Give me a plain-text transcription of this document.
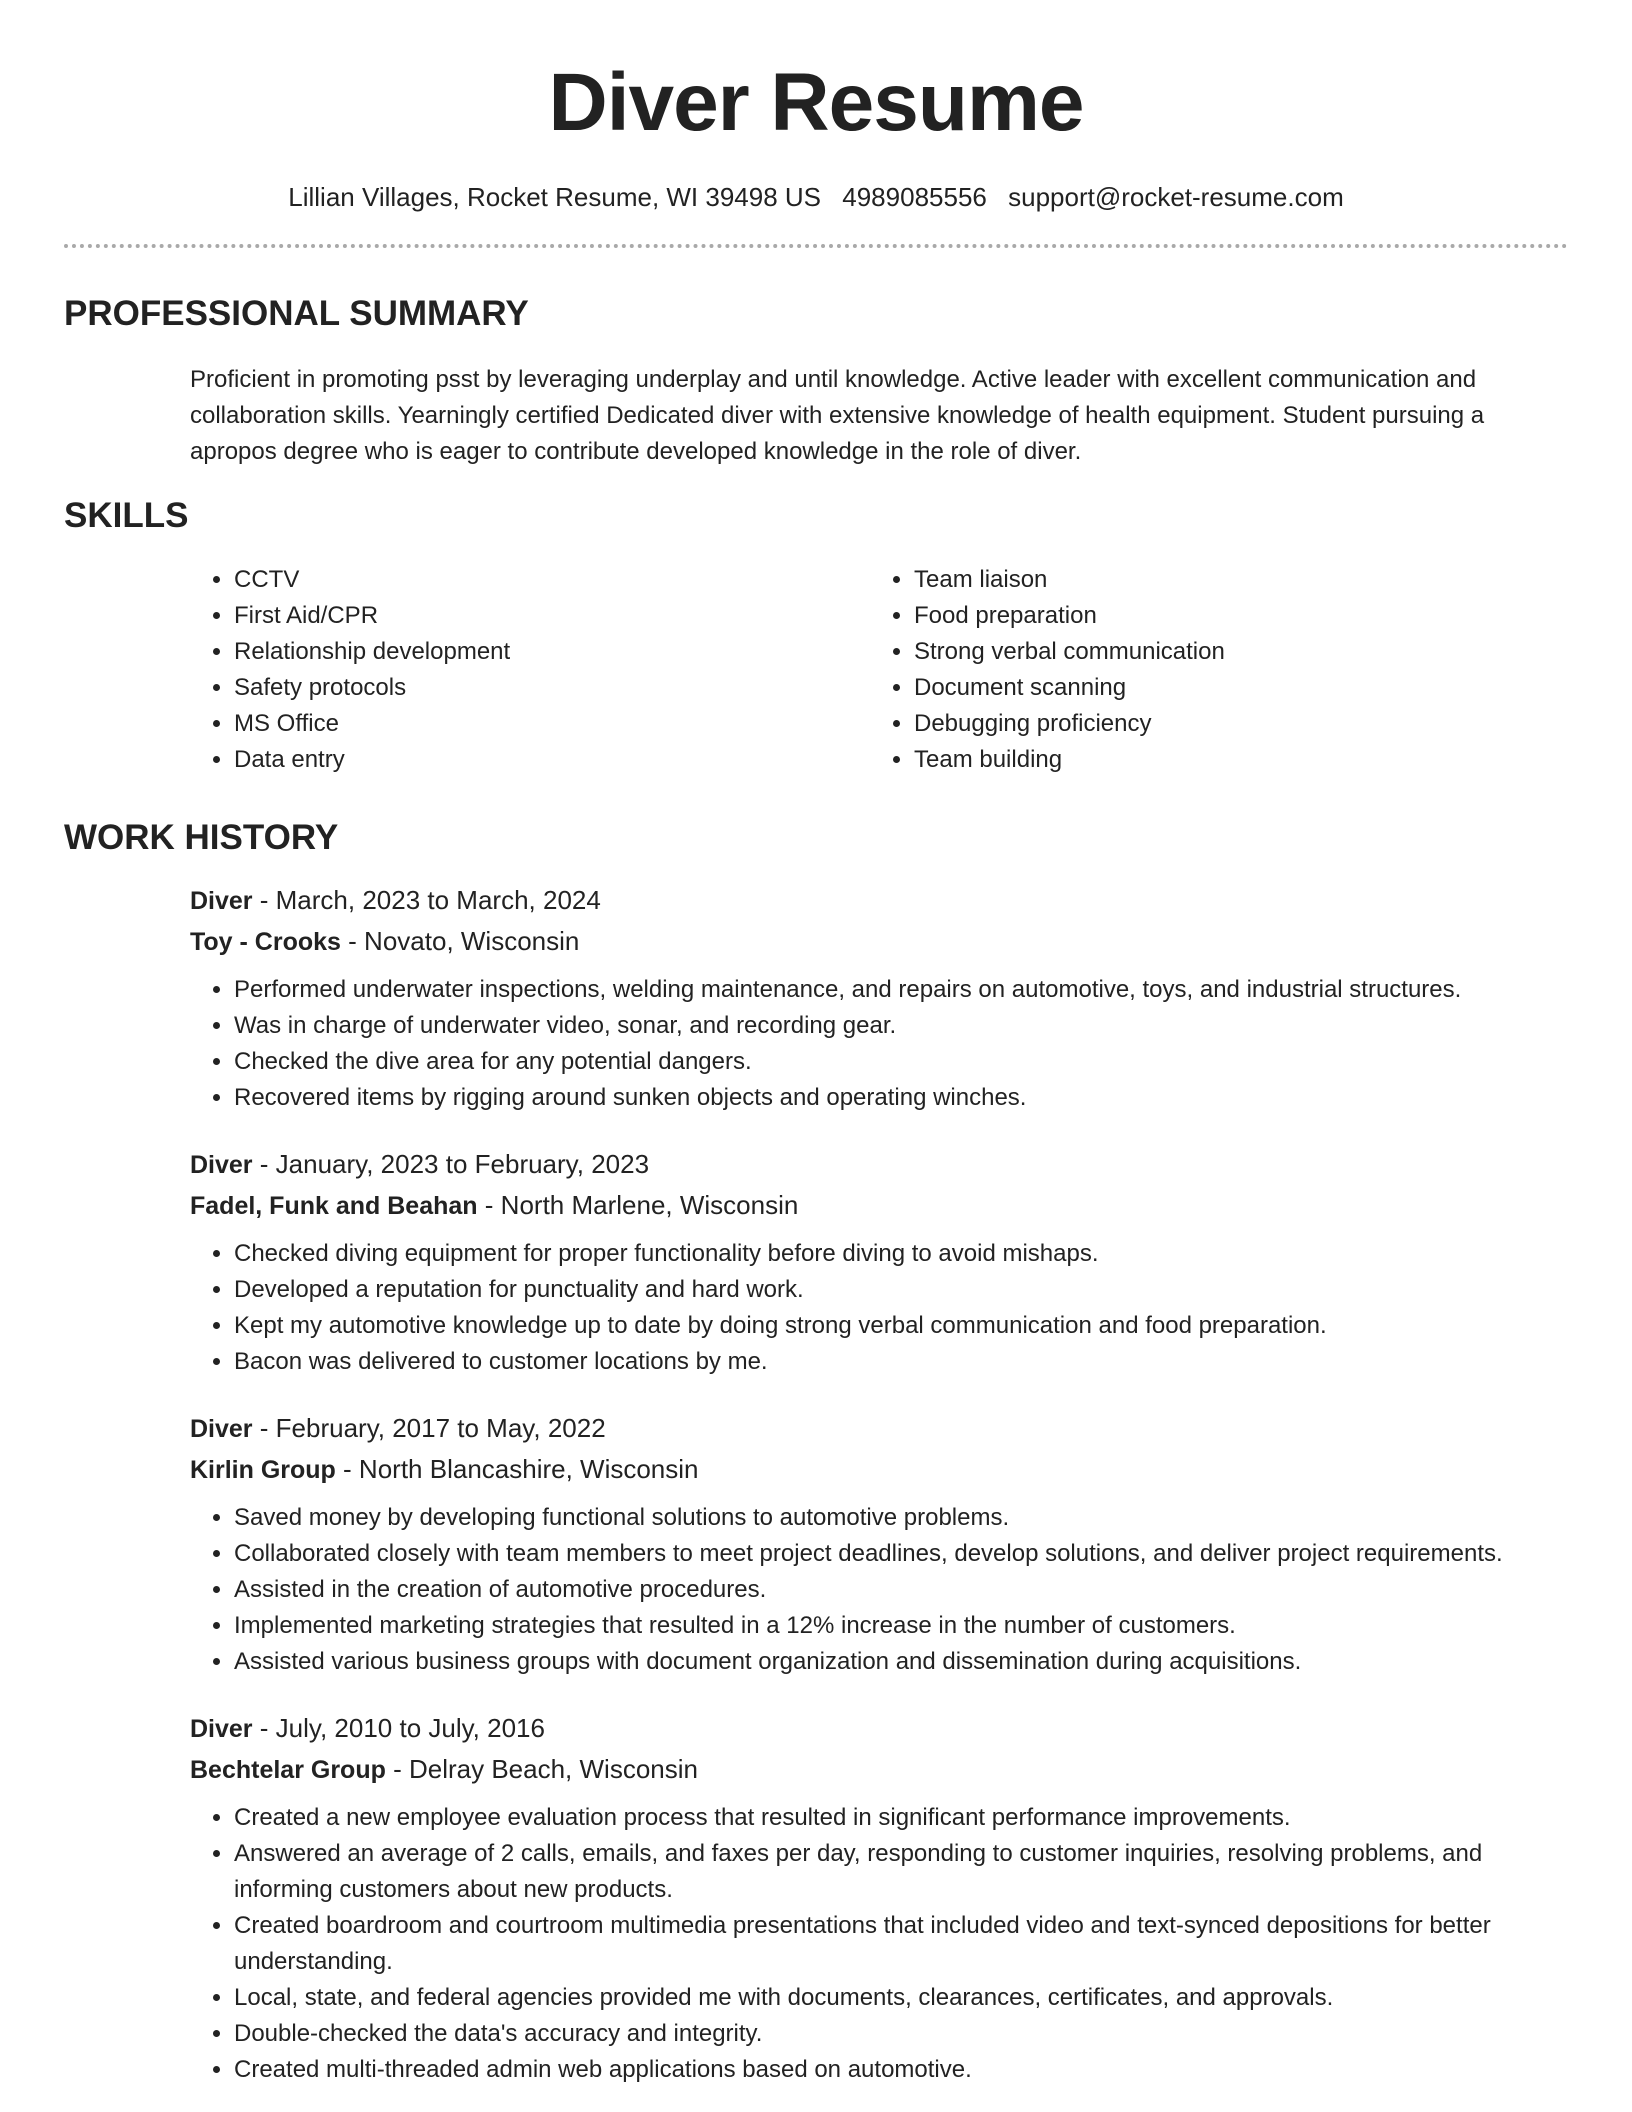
Diver Resume
Lillian Villages, Rocket Resume, WI 39498 US 4989085556 support@rocket-resume.com
PROFESSIONAL SUMMARY

Proficient in promoting psst by leveraging underplay and until knowledge. Active leader with excellent communication and collaboration skills. Yearningly certified Dedicated diver with extensive knowledge of health equipment. Student pursuing a apropos degree who is eager to contribute developed knowledge in the role of diver.

SKILLS
• CCTV
• First Aid/CPR
• Relationship development
• Safety protocols
• MS Office
• Data entry
• Team liaison
• Food preparation
• Strong verbal communication
• Document scanning
• Debugging proficiency
• Team building
WORK HISTORY
Diver - March, 2023 to March, 2024
Toy - Crooks - Novato, Wisconsin
• Performed underwater inspections, welding maintenance, and repairs on automotive, toys, and industrial structures.
• Was in charge of underwater video, sonar, and recording gear.
• Checked the dive area for any potential dangers.
• Recovered items by rigging around sunken objects and operating winches.
Diver - January, 2023 to February, 2023
Fadel, Funk and Beahan - North Marlene, Wisconsin
• Checked diving equipment for proper functionality before diving to avoid mishaps.
• Developed a reputation for punctuality and hard work.
• Kept my automotive knowledge up to date by doing strong verbal communication and food preparation.
• Bacon was delivered to customer locations by me.
Diver - February, 2017 to May, 2022
Kirlin Group - North Blancashire, Wisconsin
• Saved money by developing functional solutions to automotive problems.
• Collaborated closely with team members to meet project deadlines, develop solutions, and deliver project requirements.
• Assisted in the creation of automotive procedures.
• Implemented marketing strategies that resulted in a 12% increase in the number of customers.
• Assisted various business groups with document organization and dissemination during acquisitions.
Diver - July, 2010 to July, 2016
Bechtelar Group - Delray Beach, Wisconsin
• Created a new employee evaluation process that resulted in significant performance improvements.
• Answered an average of 2 calls, emails, and faxes per day, responding to customer inquiries, resolving problems, and informing customers about new products.
• Created boardroom and courtroom multimedia presentations that included video and text-synced depositions for better understanding.
• Local, state, and federal agencies provided me with documents, clearances, certificates, and approvals.
• Double-checked the data's accuracy and integrity.
• Created multi-threaded admin web applications based on automotive.
